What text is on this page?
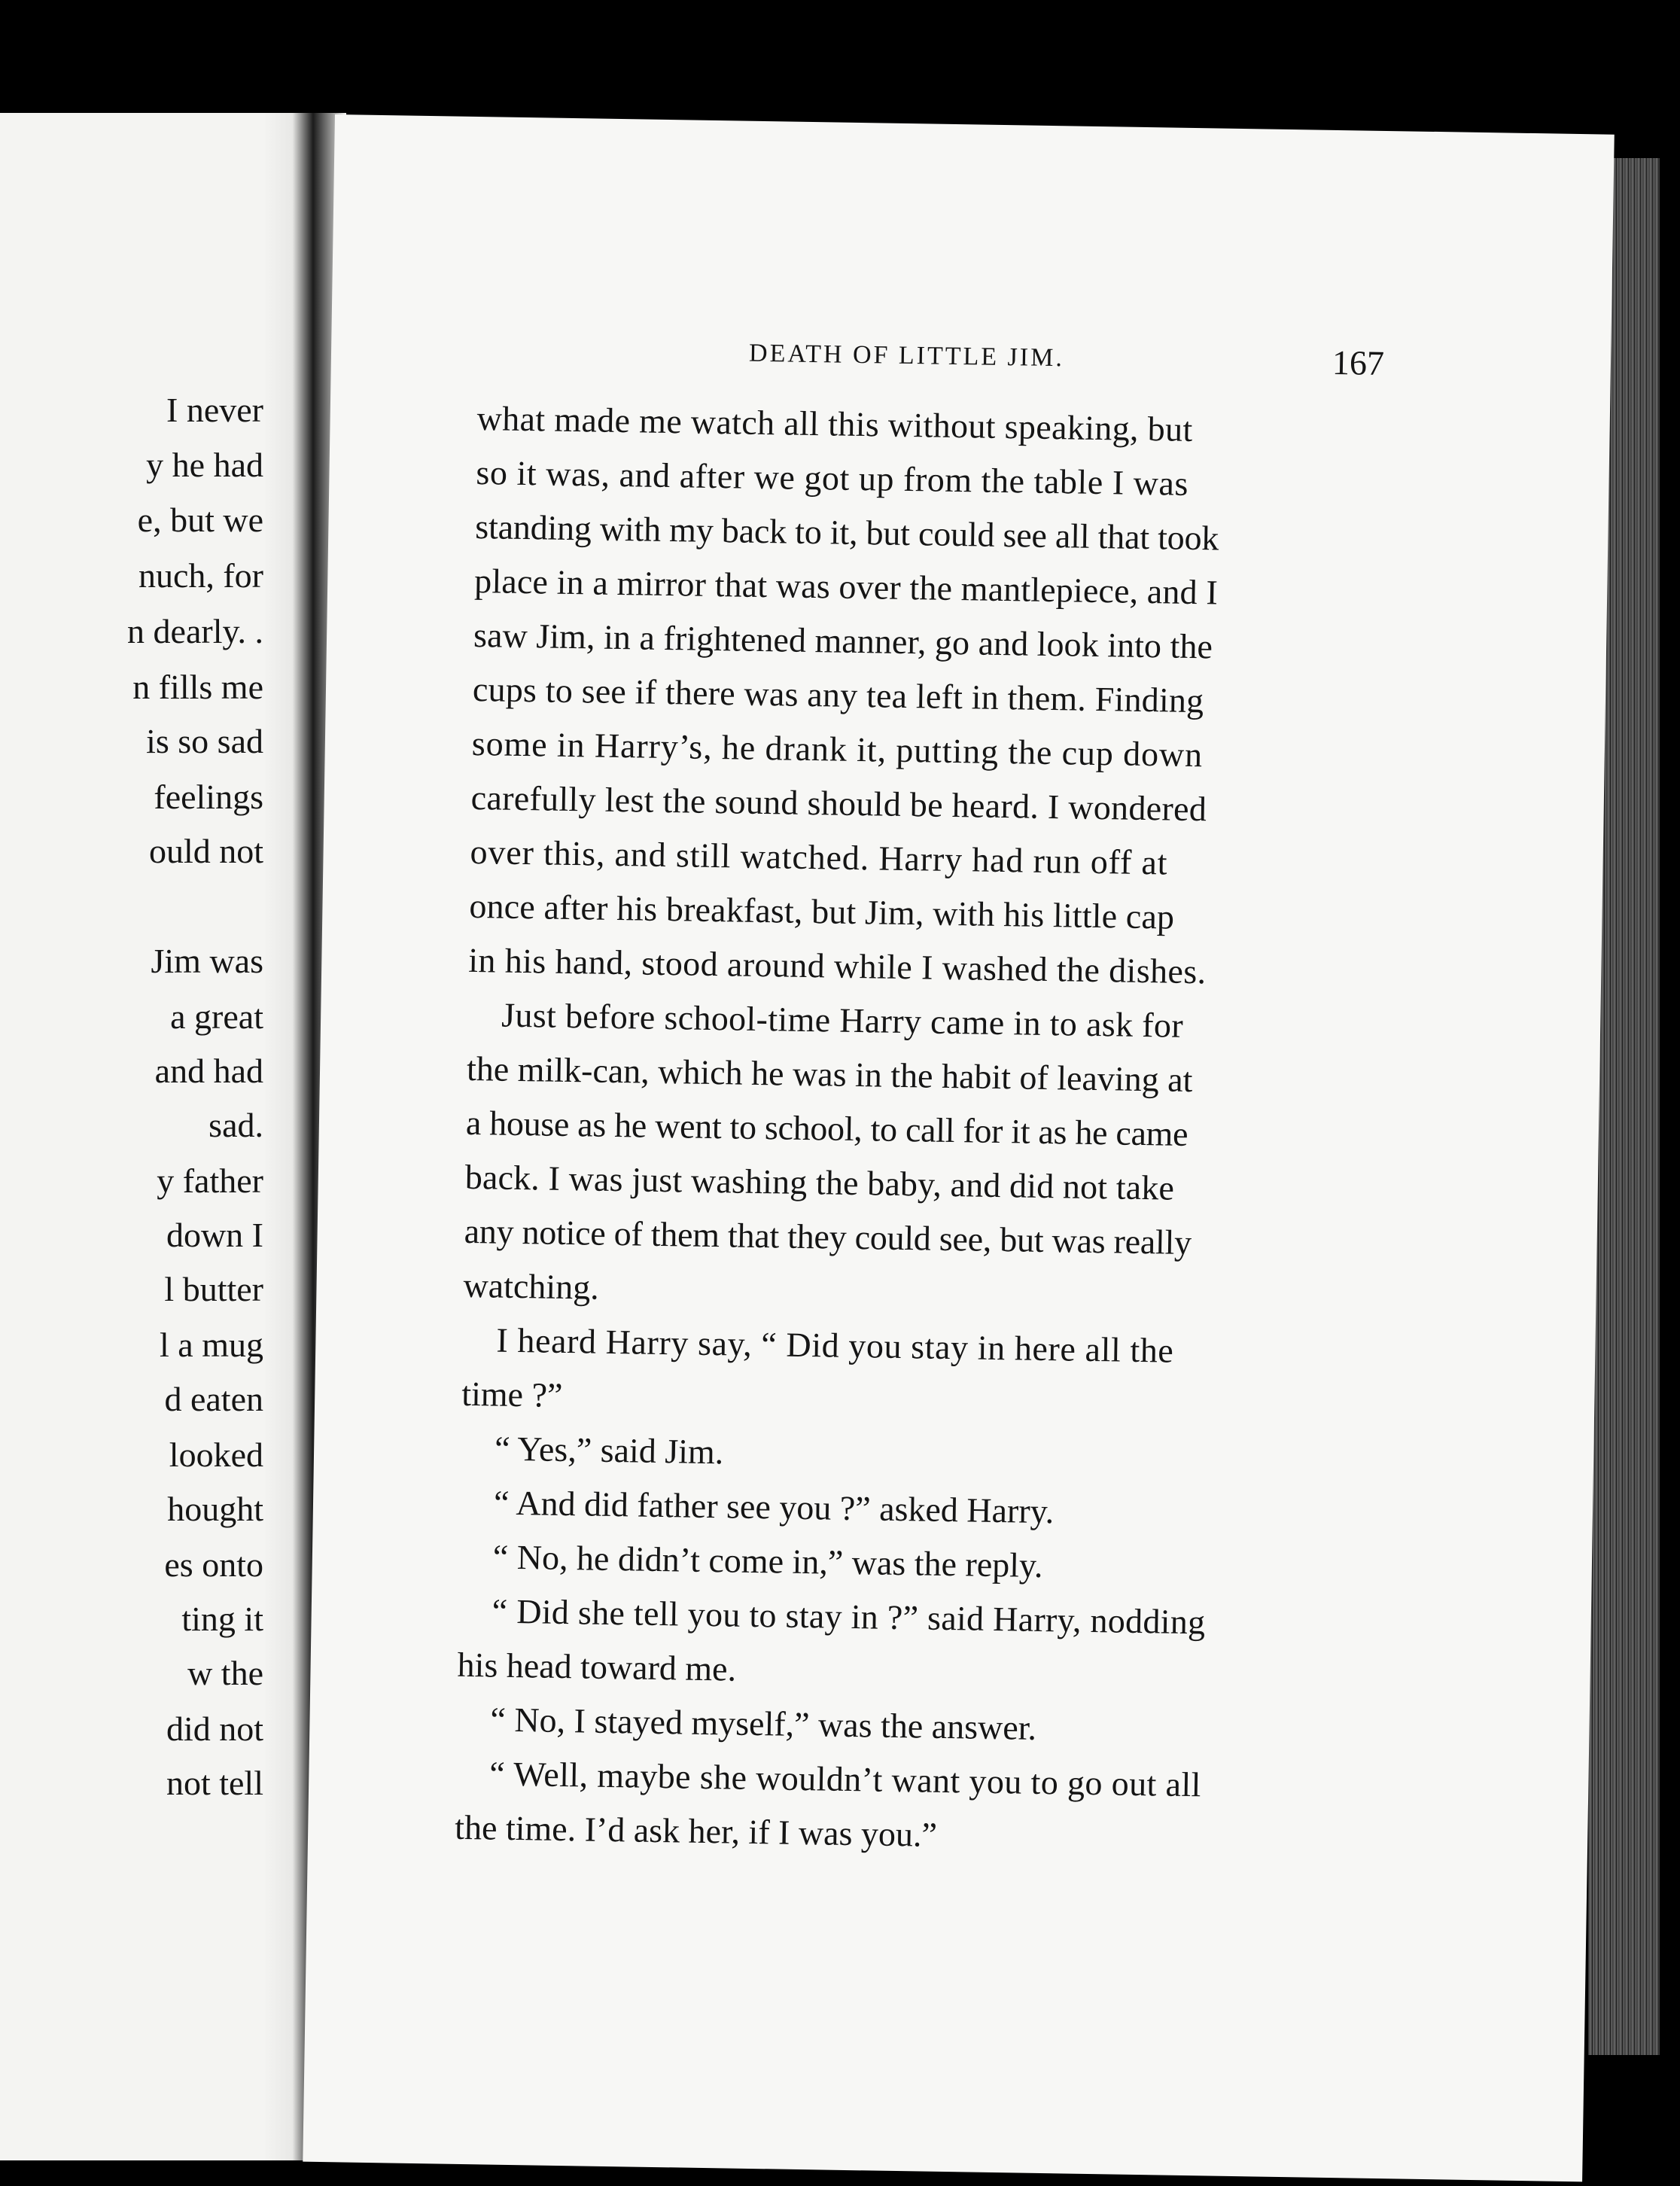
I never
y he had
e, but we
nuch, for
n dearly. .
n fills me
is so sad
feelings
ould not
Jim was
a great
and had
sad.
y father
down I
l butter
l a mug
d eaten
looked
hought
es onto
ting it
w the
did not
not tell
DEATH OF LITTLE JIM.	167
what made me watch all this without speaking, but
so it was, and after we got up from the table I was
standing with my back to it, but could see all that took
place in a mirror that was over the mantlepiece, and I
saw Jim, in a frightened manner, go and look into the
cups to see if there was any tea left in them. Finding
some in Harry’s, he drank it, putting the cup down
carefully lest the sound should be heard. I wondered
over this, and still watched. Harry had run off at
once after his breakfast, but Jim, with his little cap
in his hand, stood around while I washed the dishes.
Just before school-time Harry came in to ask for
the milk-can, which he was in the habit of leaving at
a house as he went to school, to call for it as he came
back. I was just washing the baby, and did not take
any notice of them that they could see, but was really
watching.
I heard Harry say, “ Did you stay in here all the
time ?”
“ Yes,” said Jim.
“ And did father see you ?” asked Harry.
“ No, he didn’t come in,” was the reply.
“ Did she tell you to stay in ?” said Harry, nodding
his head toward me.
“ No, I stayed myself,” was the answer.
“ Well, maybe she wouldn’t want you to go out all
the time. I’d ask her, if I was you.”
